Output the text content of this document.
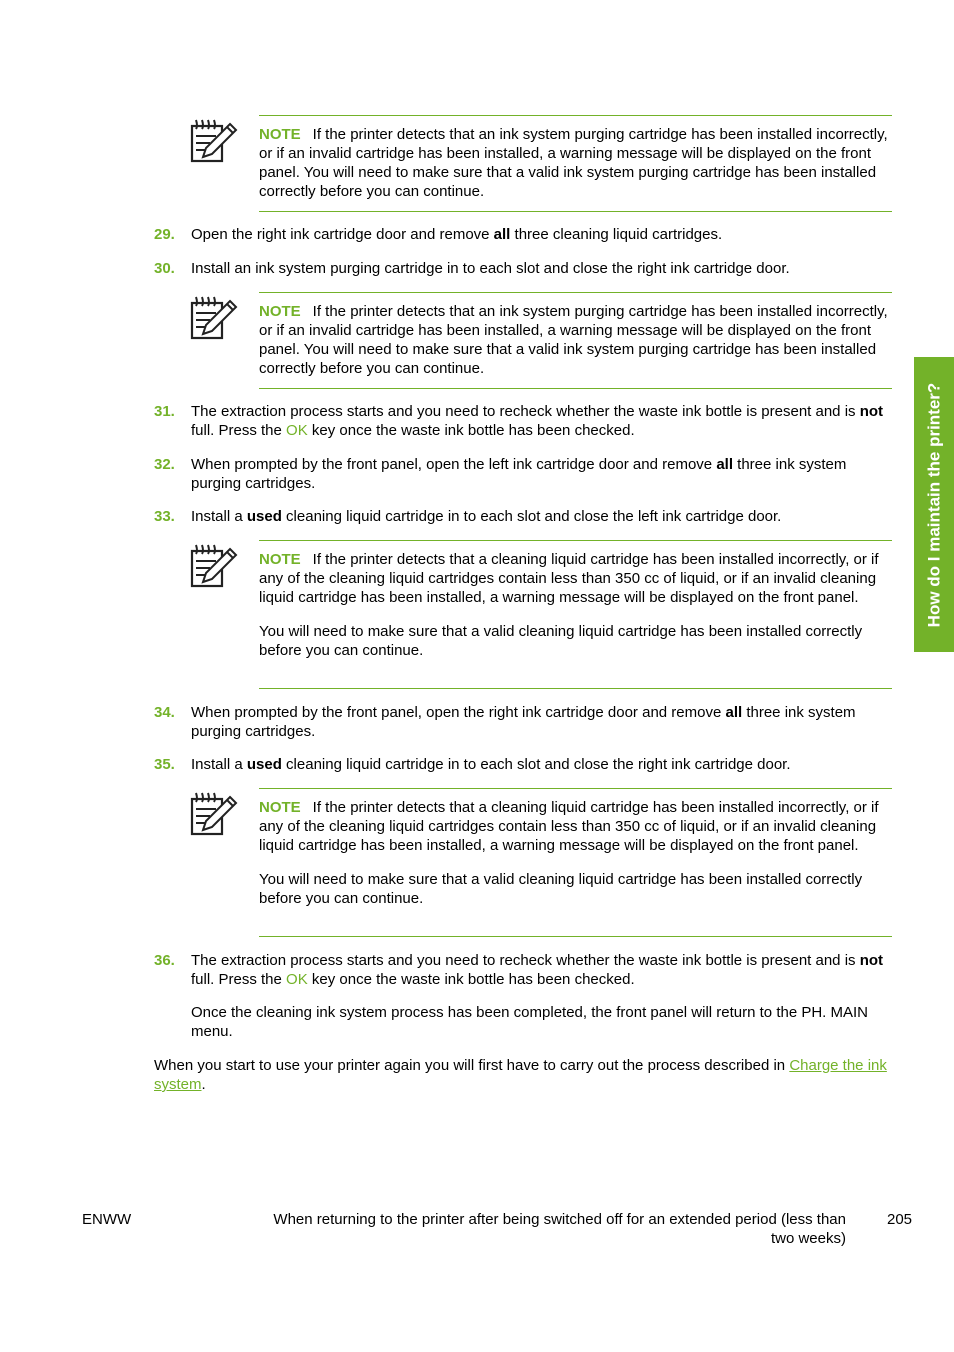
NOTE If the printer detects that an ink system purging cartridge has been installed incorrectly, or if an invalid cartridge has been installed, a warning message will be displayed on the front panel. You will need to make sure that a valid ink system purging cartridge has been installed correctly before you can continue.

29. Open the right ink cartridge door and remove all three cleaning liquid cartridges.
30. Install an ink system purging cartridge in to each slot and close the right ink cartridge door.

NOTE If the printer detects that an ink system purging cartridge has been installed incorrectly, or if an invalid cartridge has been installed, a warning message will be displayed on the front panel. You will need to make sure that a valid ink system purging cartridge has been installed correctly before you can continue.

31. The extraction process starts and you need to recheck whether the waste ink bottle is present and is not full. Press the OK key once the waste ink bottle has been checked.
32. When prompted by the front panel, open the left ink cartridge door and remove all three ink system purging cartridges.
33. Install a used cleaning liquid cartridge in to each slot and close the left ink cartridge door.

NOTE If the printer detects that a cleaning liquid cartridge has been installed incorrectly, or if any of the cleaning liquid cartridges contain less than 350 cc of liquid, or if an invalid cleaning liquid cartridge has been installed, a warning message will be displayed on the front panel.

You will need to make sure that a valid cleaning liquid cartridge has been installed correctly before you can continue.

34. When prompted by the front panel, open the right ink cartridge door and remove all three ink system purging cartridges.
35. Install a used cleaning liquid cartridge in to each slot and close the right ink cartridge door.

NOTE If the printer detects that a cleaning liquid cartridge has been installed incorrectly, or if any of the cleaning liquid cartridges contain less than 350 cc of liquid, or if an invalid cleaning liquid cartridge has been installed, a warning message will be displayed on the front panel.

You will need to make sure that a valid cleaning liquid cartridge has been installed correctly before you can continue.

36. The extraction process starts and you need to recheck whether the waste ink bottle is present and is not full. Press the OK key once the waste ink bottle has been checked.
Once the cleaning ink system process has been completed, the front panel will return to the PH. MAIN menu.
When you start to use your printer again you will first have to carry out the process described in Charge the ink system.
How do I maintain the printer?
ENWW	When returning to the printer after being switched off for an extended period (less than two weeks)
205
